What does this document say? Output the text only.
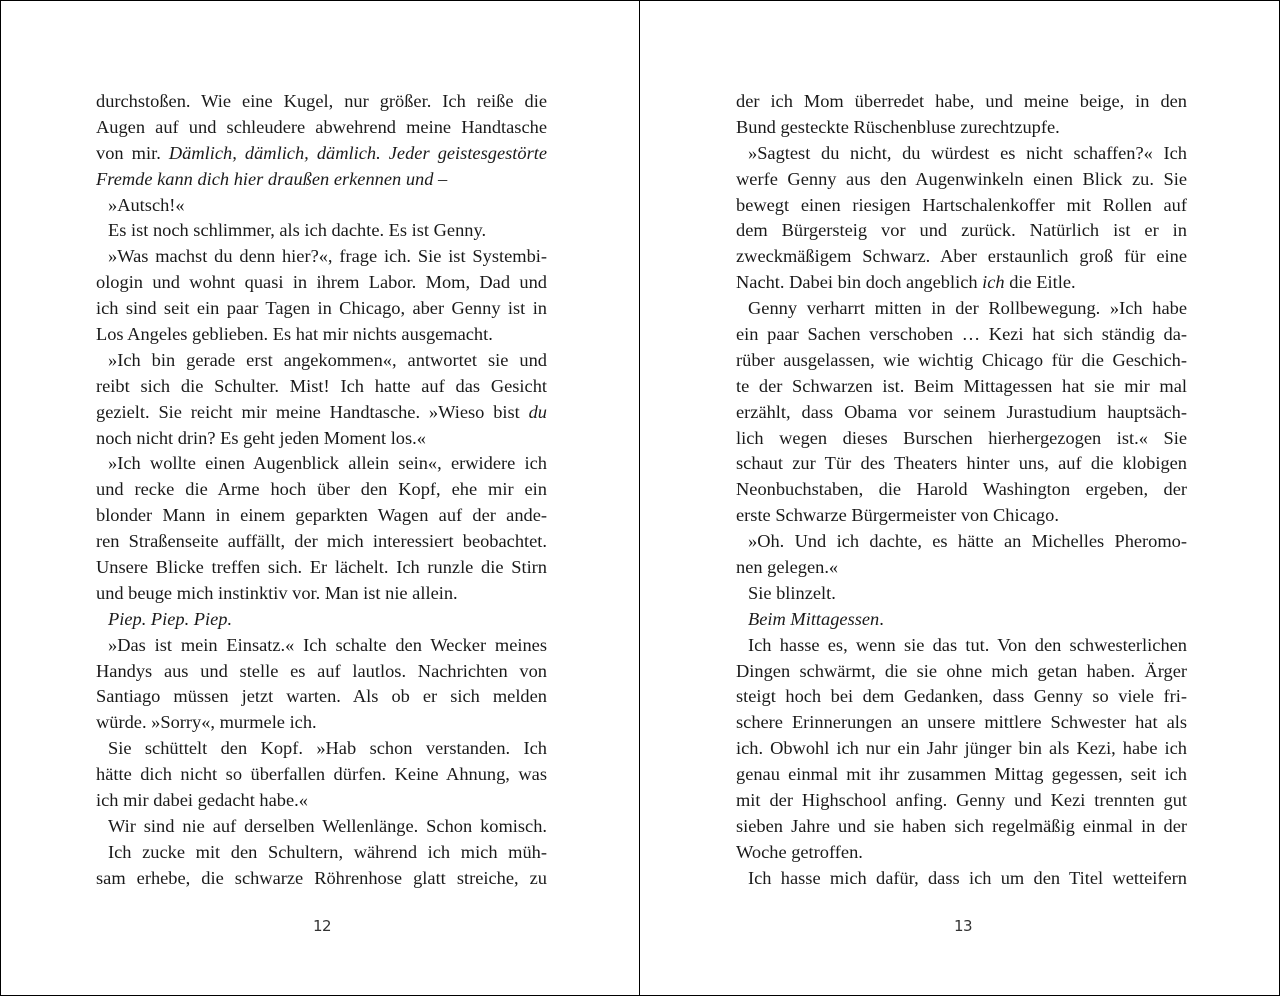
durchstoßen. Wie eine Kugel, nur größer. Ich reiße die
Augen auf und schleudere abwehrend meine Handtasche
von mir. Dämlich, dämlich, dämlich. Jeder geistesgestörte
Fremde kann dich hier draußen erkennen und –
»Autsch!«
Es ist noch schlimmer, als ich dachte. Es ist Genny.
»Was machst du denn hier?«, frage ich. Sie ist Systembi-
ologin und wohnt quasi in ihrem Labor. Mom, Dad und
ich sind seit ein paar Tagen in Chicago, aber Genny ist in
Los Angeles geblieben. Es hat mir nichts ausgemacht.
»Ich bin gerade erst angekommen«, antwortet sie und
reibt sich die Schulter. Mist! Ich hatte auf das Gesicht
gezielt. Sie reicht mir meine Handtasche. »Wieso bist du
noch nicht drin? Es geht jeden Moment los.«
»Ich wollte einen Augenblick allein sein«, erwidere ich
und recke die Arme hoch über den Kopf, ehe mir ein
blonder Mann in einem geparkten Wagen auf der ande-
ren Straßenseite auffällt, der mich interessiert beobachtet.
Unsere Blicke treffen sich. Er lächelt. Ich runzle die Stirn
und beuge mich instinktiv vor. Man ist nie allein.
Piep. Piep. Piep.
»Das ist mein Einsatz.« Ich schalte den Wecker meines
Handys aus und stelle es auf lautlos. Nachrichten von
Santiago müssen jetzt warten. Als ob er sich melden
würde. »Sorry«, murmele ich.
Sie schüttelt den Kopf. »Hab schon verstanden. Ich
hätte dich nicht so überfallen dürfen. Keine Ahnung, was
ich mir dabei gedacht habe.«
Wir sind nie auf derselben Wellenlänge. Schon komisch.
Ich zucke mit den Schultern, während ich mich müh-
sam erhebe, die schwarze Röhrenhose glatt streiche, zu
12
der ich Mom überredet habe, und meine beige, in den
Bund gesteckte Rüschenbluse zurechtzupfe.
»Sagtest du nicht, du würdest es nicht schaffen?« Ich
werfe Genny aus den Augenwinkeln einen Blick zu. Sie
bewegt einen riesigen Hartschalenkoffer mit Rollen auf
dem Bürgersteig vor und zurück. Natürlich ist er in
zweckmäßigem Schwarz. Aber erstaunlich groß für eine
Nacht. Dabei bin doch angeblich ich die Eitle.
Genny verharrt mitten in der Rollbewegung. »Ich habe
ein paar Sachen verschoben … Kezi hat sich ständig da-
rüber ausgelassen, wie wichtig Chicago für die Geschich-
te der Schwarzen ist. Beim Mittagessen hat sie mir mal
erzählt, dass Obama vor seinem Jurastudium hauptsäch-
lich wegen dieses Burschen hierhergezogen ist.« Sie
schaut zur Tür des Theaters hinter uns, auf die klobigen
Neonbuchstaben, die Harold Washington ergeben, der
erste Schwarze Bürgermeister von Chicago.
»Oh. Und ich dachte, es hätte an Michelles Pheromo-
nen gelegen.«
Sie blinzelt.
Beim Mittagessen.
Ich hasse es, wenn sie das tut. Von den schwesterlichen
Dingen schwärmt, die sie ohne mich getan haben. Ärger
steigt hoch bei dem Gedanken, dass Genny so viele fri-
schere Erinnerungen an unsere mittlere Schwester hat als
ich. Obwohl ich nur ein Jahr jünger bin als Kezi, habe ich
genau einmal mit ihr zusammen Mittag gegessen, seit ich
mit der Highschool anfing. Genny und Kezi trennten gut
sieben Jahre und sie haben sich regelmäßig einmal in der
Woche getroffen.
Ich hasse mich dafür, dass ich um den Titel wetteifern
13
